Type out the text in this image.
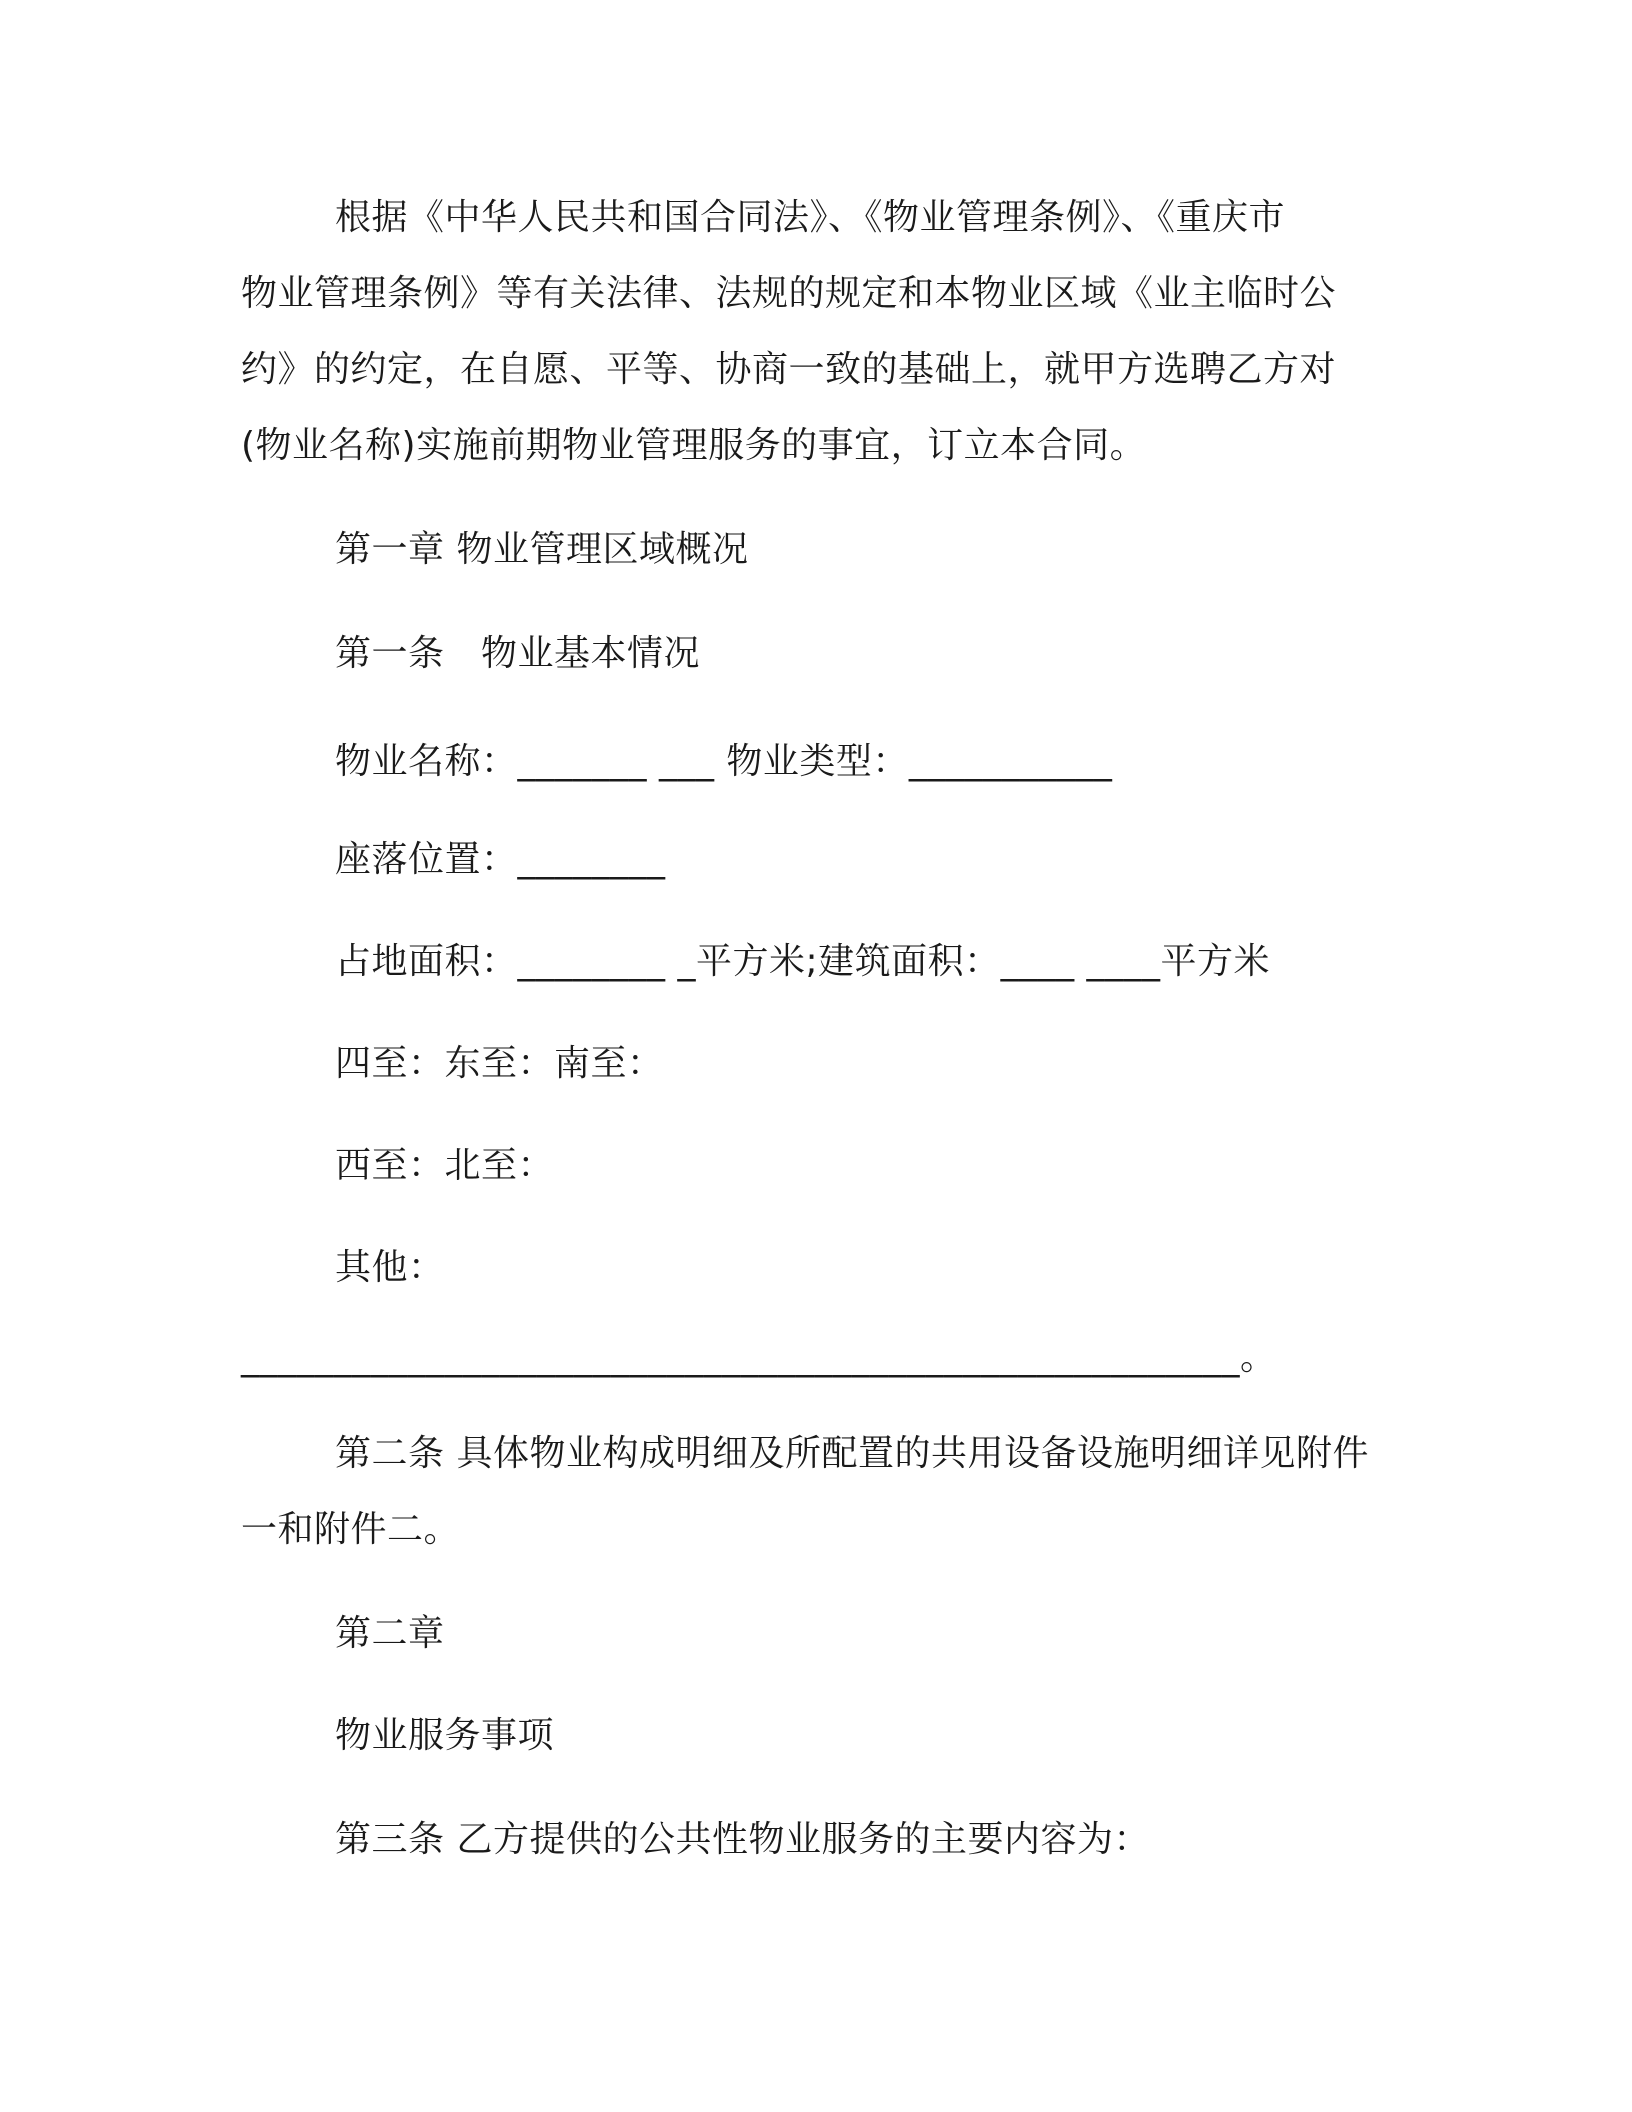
根据《中华人民共和国合同法》、《物业管理条例》、《重庆市
物业管理条例》等有关法律、法规的规定和本物业区域《业主临时公
约》的约定，在自愿、平等、协商一致的基础上，就甲方选聘乙方对
(物业名称)实施前期物业管理服务的事宜，订立本合同。
第一章 物业管理区域概况
第一条　物业基本情况
物业名称：_______ ___ 物业类型：___________
座落位置：________
占地面积：________ _平方米;建筑面积：____ ____平方米
四至：东至：南至：
西至：北至：
其他：
______________________________________________________。
第二条 具体物业构成明细及所配置的共用设备设施明细详见附件
一和附件二。
第二章
物业服务事项
第三条 乙方提供的公共性物业服务的主要内容为：
